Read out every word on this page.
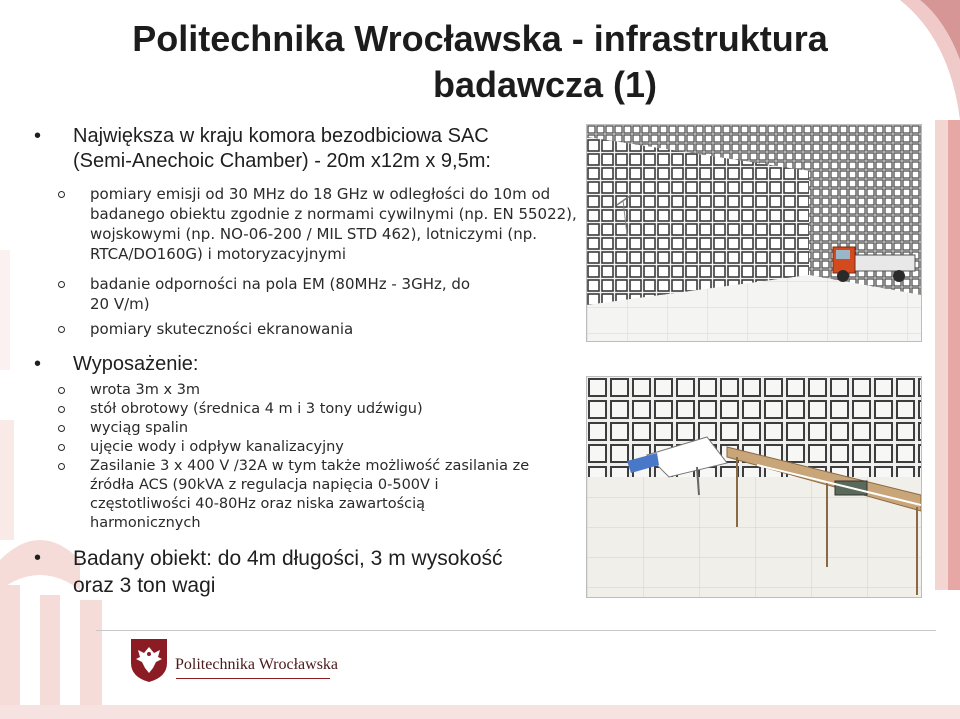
Politechnika Wrocławska - infrastruktura
badawcza (1)
• Największa w kraju komora bezodbiciowa SAC
(Semi-Anechoic Chamber) - 20m x12m x 9,5m:
pomiary emisji od 30 MHz do 18 GHz w odległości do 10m od badanego obiektu zgodnie z normami cywilnymi (np. EN 55022), wojskowymi (np. NO-06-200 / MIL STD 462), lotniczymi (np. RTCA/DO160G) i motoryzacyjnymi
badanie odporności na pola EM (80MHz - 3GHz, do 20 V/m)
pomiary skuteczności ekranowania
• Wyposażenie:
wrota 3m x 3m
stół obrotowy (średnica 4 m i 3 tony udźwigu)
wyciąg spalin
ujęcie wody i odpływ kanalizacyjny
Zasilanie 3 x 400 V /32A w tym także możliwość zasilania ze źródła ACS (90kVA z regulacja napięcia 0-500V i częstotliwości 40-80Hz oraz niska zawartością harmonicznych
• Badany obiekt: do 4m długości, 3 m wysokość
oraz 3 ton wagi
Politechnika Wrocławska
